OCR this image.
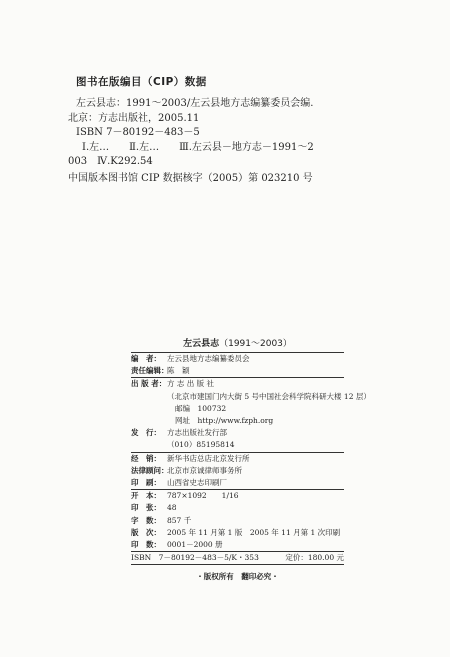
图书在版编目（CIP）数据
左云县志：1991～2003/左云县地方志编纂委员会编.
北京：方志出版社，2005.11
ISBN 7－80192－483－5
Ⅰ.左…　　Ⅱ.左…　　Ⅲ.左云县－地方志－1991～2
003　Ⅳ.K292.54
中国版本图书馆 CIP 数据核字（2005）第 023210 号
左云县志（1991～2003）
编　者： 左云县地方志编纂委员会
责任编辑：
陈　颖
出 版 者： 方 志 出 版 社
（北京市建国门内大街 5 号中国社会科学院科研大楼 12 层）
邮编　100732
网址　http://www.fzph.org
发　行： 方志出版社发行部
（010）85195814
经　销： 新华书店总店北京发行所
法律顾问：
北京市京诚律师事务所
印　刷： 山西省史志印刷厂
开　本： 787×1092　　1/16
印　张： 48
字　数： 857 千
版　次： 2005 年 11 月第 1 版　2005 年 11 月第 1 次印刷
印　数： 0001－2000 册
ISBN　7－80192－483－5/K・353	定价：180.00 元
・版权所有　翻印必究・
